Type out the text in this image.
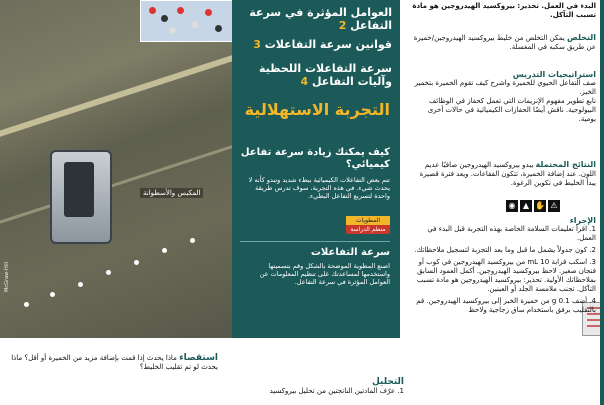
المكبس والأسطوانة
McGraw-Hill
العوامل المؤثرة في سرعة التفاعل 2
قوانين سرعة التفاعلات 3
سرعة التفاعلات اللحظية وآليات التفاعل 4
التجربة الاستهلالية
كيف يمكنك زيادة سرعة تفاعل كيميائي؟
تتم بعض التفاعلات الكيميائية ببطء شديد وتبدو كأنه لا يحدث شيء. في هذه التجربة، سوف تدرس طريقة واحدة لتسريع التفاعل البطيء.
المطويات
منظم الدراسة
سرعة التفاعلات
اصنع المطوية الموضحة بالشكل وقم بتسميتها واستخدمها لمساعدتك على تنظيم المعلومات عن العوامل المؤثرة في سرعة التفاعل.
البدء في العمل. تحذير: بيروكسيد الهيدروجين هو مادة تسبب التآكل.
التخلص يمكن التخلص من خليط بيروكسيد الهيدروجين/خميرة عن طريق سكبه في المغسلة.
استراتيجيات التدريس
صف التفاعل الحيوي للخميرة واشرح كيف تقوم الخميرة بتخمير الخبز.
تابع تطوير مفهوم الإنزيمات التي تعمل كحفاز في الوظائف البيولوجية. ناقش أيضًا الحفازات الكيميائية في حالات أخرى يومية.
النتائج المحتملة يبدو بيروكسيد الهيدروجين صافيًا عديم اللون. عند إضافة الخميرة، تتكون الفقاعات. ويعد فترة قصيرة يبدأ الخليط في تكوين الرغوة.
◉ ▲ ✋ ⚠
الإجراء
1. اقرأ تعليمات السلامة الخاصة بهذه التجربة قبل البدء في العمل.
2. كون جدولاً يشمل ما قبل وما بعد التجربة لتسجيل ملاحظاتك.
3. اسكب قرابة 10 mL من بيروكسيد الهيدروجين في كوب أو فنجان صغير. لاحظ بيروكسيد الهيدروجين. أكمل العمود السابق بملاحظاتك الأولية. تحذير: بيروكسيد الهيدروجين هو مادة تسبب التآكل. تجنب ملامسة الجلد أو العينين.
4. أضف 0.1 g من خميرة الخبز إلى بيروكسيد الهيدروجين. قم بالتقليب برفق باستخدام ساق زجاجية ولاحظ
التحليل
1. عرّف المادتين الناتجتين من تحليل بيروكسيد
استقصاء ماذا يحدث إذا قمت بإضافة مزيد من الخميرة أو أقل؟ ماذا يحدث لو تم تقليب الخليط؟
